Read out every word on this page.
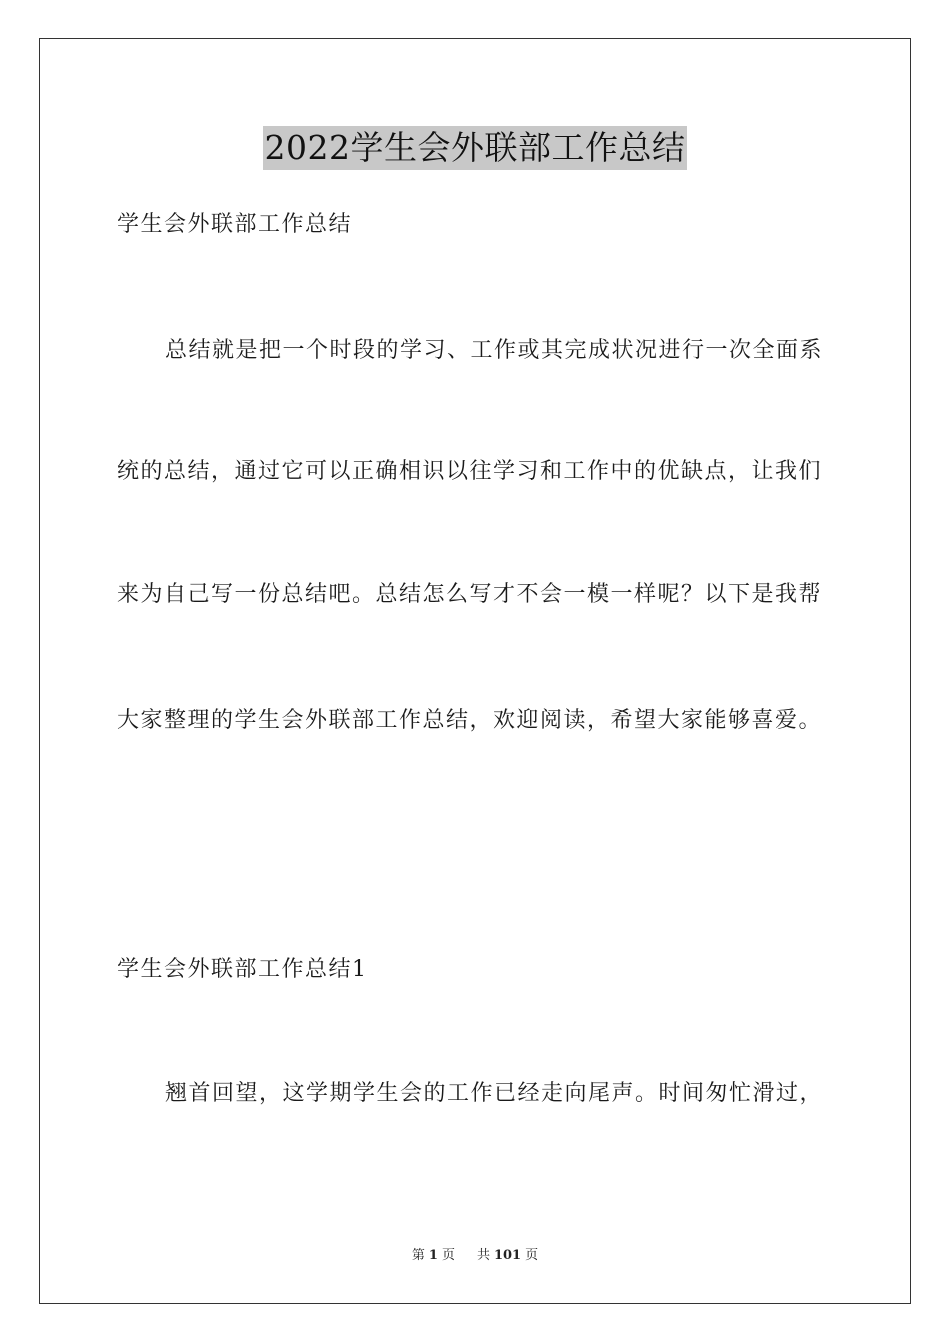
2022学生会外联部工作总结
学生会外联部工作总结
总结就是把一个时段的学习、工作或其完成状况进行一次全面系
统的总结，通过它可以正确相识以往学习和工作中的优缺点，让我们
来为自己写一份总结吧。总结怎么写才不会一模一样呢？以下是我帮
大家整理的学生会外联部工作总结，欢迎阅读，希望大家能够喜爱。
学生会外联部工作总结1
翘首回望，这学期学生会的工作已经走向尾声。时间匆忙滑过，
第 1 页 共 101 页
